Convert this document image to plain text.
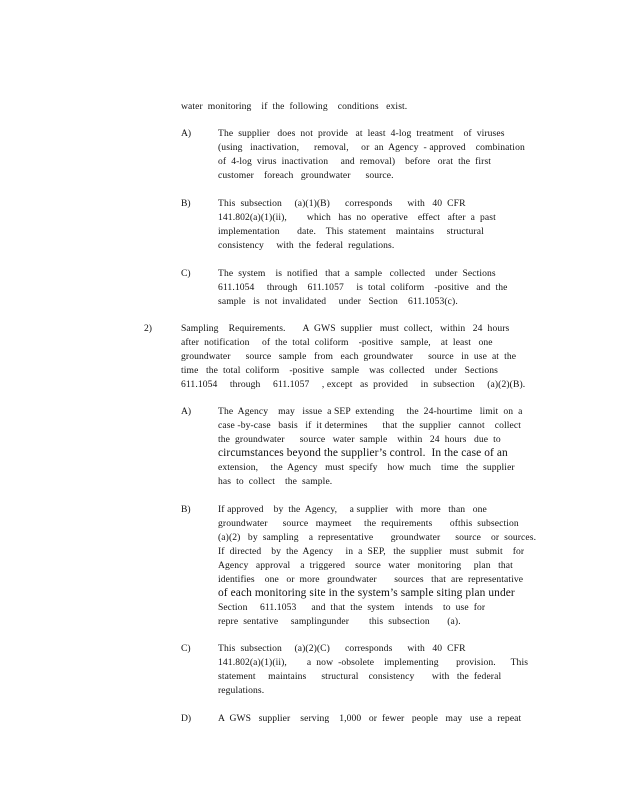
water  monitoring    if  the  following    conditions   exist.
A)	The  supplier   does  not  provide   at  least  4-log  treatment    of  viruses
(using   inactivation,      removal,     or  an  Agency  - approved    combination
of  4-log  virus  inactivation     and  removal)    before   orat  the  first
customer    foreach   groundwater      source.
B)	This  subsection     (a)(1)(B)      corresponds      with   40  CFR
141.802(a)(1)(ii),        which   has  no  operative    effect   after  a  past
implementation       date.    This  statement    maintains     structural
consistency     with  the  federal  regulations.
C)	The  system    is  notified   that  a  sample   collected    under  Sections
611.1054     through    611.1057     is  total  coliform    -positive   and  the
sample   is  not  invalidated     under   Section    611.1053(c).
2)	Sampling    Requirements.       A  GWS  supplier   must  collect,   within   24  hours
after  notification     of  the  total  coliform    -positive   sample,    at  least   one
groundwater      source   sample   from   each  groundwater      source   in  use  at  the
time   the  total  coliform    -positive   sample    was  collected    under   Sections
611.1054     through     611.1057     , except   as  provided     in  subsection     (a)(2)(B).
A)	The  Agency    may   issue  a SEP  extending     the  24-hourtime   limit  on  a
case -by-case   basis   if  it determines      that  the  supplier   cannot    collect
the  groundwater      source   water  sample    within   24  hours   due  to
circumstances beyond the supplier’s control.  In the case of an
extension,     the  Agency   must  specify    how  much    time   the  supplier
has  to  collect    the  sample.
B)	If approved    by  the  Agency,     a supplier   with   more   than   one
groundwater      source   maymeet     the  requirements       ofthis  subsection
(a)(2)   by  sampling    a  representative       groundwater      source    or  sources.
If  directed    by  the  Agency     in  a  SEP,   the  supplier   must   submit    for
Agency   approval    a  triggered    source   water   monitoring     plan   that
identifies    one   or  more   groundwater       sources   that  are  representative
of each monitoring site in the system’s sample siting plan under
Section     611.1053      and  that  the  system    intends    to  use  for
repre  sentative     samplingunder        this  subsection       (a).
C)	This  subsection     (a)(2)(C)      corresponds      with   40  CFR
141.802(a)(1)(ii),        a  now  -obsolete    implementing       provision.      This
statement     maintains      structural    consistency       with   the  federal
regulations.
D)	A  GWS   supplier    serving    1,000   or  fewer   people   may   use  a  repeat
